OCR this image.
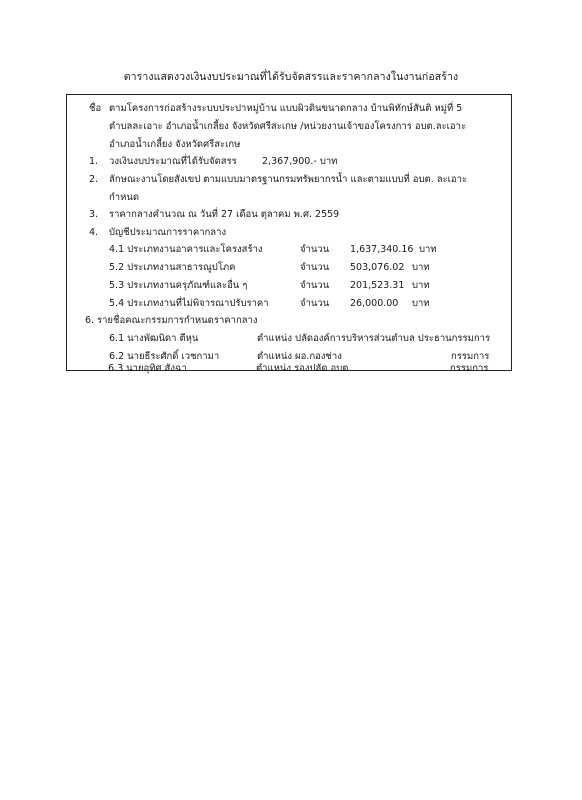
ตารางแสดงวงเงินงบประมาณที่ได้รับจัดสรรและราคากลางในงานก่อสร้าง
ชื่อ ตามโครงการก่อสร้างระบบประปาหมู่บ้าน แบบผิวดินขนาดกลาง บ้านพิทักษ์สันติ หมู่ที่ 5
ตำบลละเอาะ อำเภอน้ำเกลี้ยง จังหวัดศรีสะเกษ /หน่วยงานเจ้าของโครงการ อบต.ละเอาะ
อำเภอน้ำเกลี้ยง จังหวัดศรีสะเกษ
1. วงเงินงบประมาณที่ได้รับจัดสรร	2,367,900.- บาท
2. ลักษณะงานโดยสังเขป ตามแบบมาตรฐานกรมทรัพยากรน้ำ และตามแบบที่ อบต. ละเอาะ
กำหนด
3. ราคากลางคำนวณ ณ วันที่ 27 เดือน ตุลาคม พ.ศ. 2559
4. บัญชีประมาณการราคากลาง
4.1 ประเภทงานอาคารและโครงสร้าง	จำนวน 1,637,340.16 บาท
5.2 ประเภทงานสาธารณูปโภค	จำนวน 503,076.02 บาท
5.3 ประเภทงานครุภัณฑ์และอื่น ๆ	จำนวน 201,523.31 บาท
5.4 ประเภทงานที่ไม่พิจารณาปรับราคา	จำนวน 26,000.00 บาท
6. รายชื่อคณะกรรมการกำหนดราคากลาง
6.1 นางพัฒนิดา ตีหุน	ตำแหน่ง ปลัดองค์การบริหารส่วนตำบล ประธานกรรมการ
6.2 นายธีระศักดิ์ เวชกามา	ตำแหน่ง ผอ.กองช่าง	กรรมการ
6.3 นายอุทิศ สังฉา	ตำแหน่ง รองปลัด อบต.	กรรมการ
